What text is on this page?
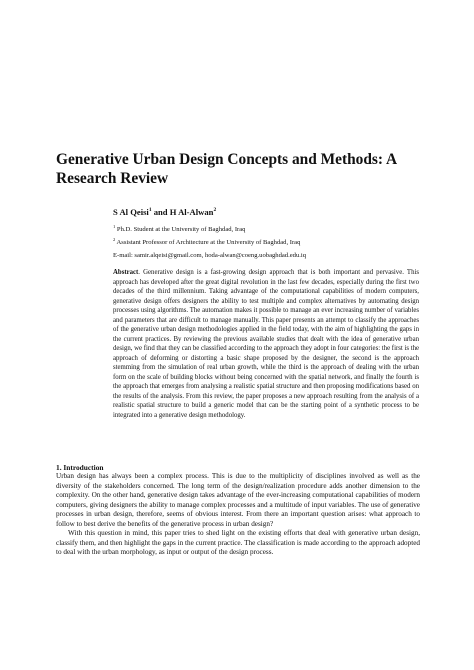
Generative Urban Design Concepts and Methods: A Research Review

S Al Qeisi$^1$ and H Al-Alwan$^2$

$^1$ Ph.D. Student at the University of Baghdad, Iraq
$^2$ Assistant Professor of Architecture at the University of Baghdad, Iraq

E-mail: samir.alqeisi@gmail.com, hoda-alwan@coeng.uobaghdad.edu.iq

Abstract. Generative design is a fast-growing design approach that is both important and pervasive. This approach has developed after the great digital revolution in the last few decades, especially during the first two decades of the third millennium. Taking advantage of the computational capabilities of modern computers, generative design offers designers the ability to test multiple and complex alternatives by automating design processes using algorithms. The automation makes it possible to manage an ever increasing number of variables and parameters that are difficult to manage manually. This paper presents an attempt to classify the approaches of the generative urban design methodologies applied in the field today, with the aim of highlighting the gaps in the current practices. By reviewing the previous available studies that dealt with the idea of generative urban design, we find that they can be classified according to the approach they adopt in four categories: the first is the approach of deforming or distorting a basic shape proposed by the designer, the second is the approach stemming from the simulation of real urban growth, while the third is the approach of dealing with the urban form on the scale of building blocks without being concerned with the spatial network, and finally the fourth is the approach that emerges from analysing a realistic spatial structure and then proposing modifications based on the results of the analysis. From this review, the paper proposes a new approach resulting from the analysis of a realistic spatial structure to build a generic model that can be the starting point of a synthetic process to be integrated into a generative design methodology.

1. Introduction

Urban design has always been a complex process. This is due to the multiplicity of disciplines involved as well as the diversity of the stakeholders concerned. The long term of the design/realization procedure adds another dimension to the complexity. On the other hand, generative design takes advantage of the ever-increasing computational capabilities of modern computers, giving designers the ability to manage complex processes and a multitude of input variables. The use of generative processes in urban design, therefore, seems of obvious interest. From there an important question arises: what approach to follow to best derive the benefits of the generative process in urban design?

With this question in mind, this paper tries to shed light on the existing efforts that deal with generative urban design, classify them, and then highlight the gaps in the current practice. The classification is made according to the approach adopted to deal with the urban morphology, as input or output of the design process.
